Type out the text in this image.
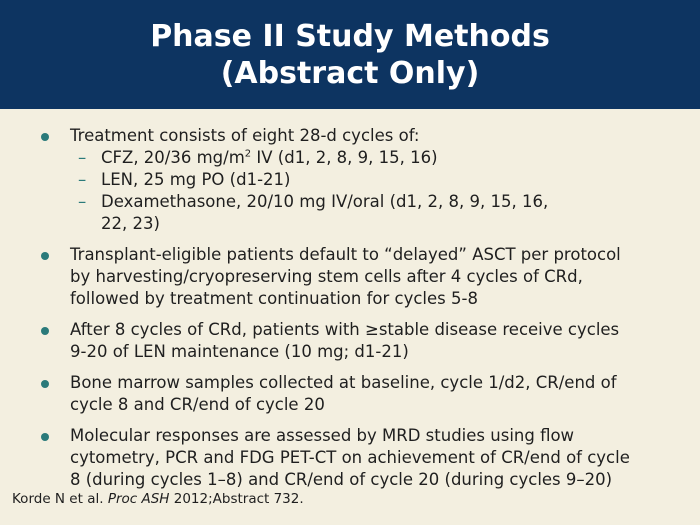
Phase II Study Methods
(Abstract Only)
Treatment consists of eight 28-d cycles of:
– CFZ, 20/36 $mg/m^2$ IV (d1, 2, 8, 9, 15, 16)
– LEN, 25 mg PO (d1-21)
– Dexamethasone, 20/10 mg IV/oral (d1, 2, 8, 9, 15, 16,
22, 23)
Transplant-eligible patients default to “delayed” ASCT per protocol
by harvesting/cryopreserving stem cells after 4 cycles of CRd,
followed by treatment continuation for cycles 5-8
After 8 cycles of CRd, patients with ≥stable disease receive cycles
9-20 of LEN maintenance (10 mg; d1-21)
Bone marrow samples collected at baseline, cycle 1/d2, CR/end of
cycle 8 and CR/end of cycle 20
Molecular responses are assessed by MRD studies using flow
cytometry, PCR and FDG PET-CT on achievement of CR/end of cycle
8 (during cycles 1–8) and CR/end of cycle 20 (during cycles 9–20)
Korde N et al. Proc ASH 2012;Abstract 732.
